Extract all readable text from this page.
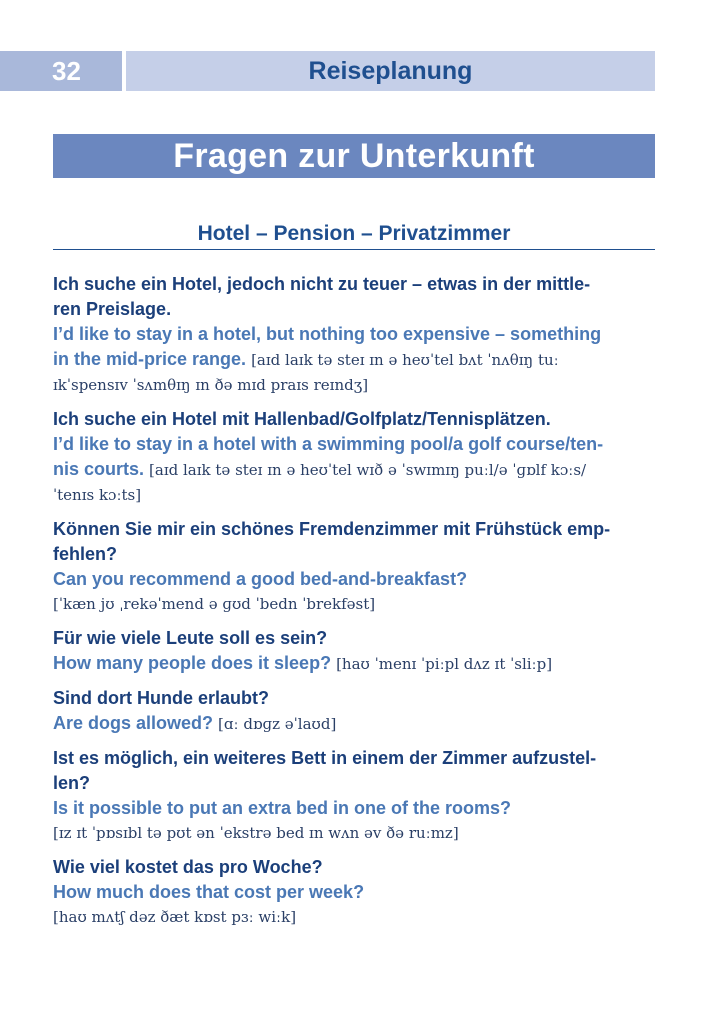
32	Reiseplanung
Fragen zur Unterkunft
Hotel – Pension – Privatzimmer
Ich suche ein Hotel, jedoch nicht zu teuer – etwas in der mittle-
ren Preislage.
I’d like to stay in a hotel, but nothing too expensive – something
in the mid-price range. [aɪd laɪk tə steɪ ɪn ə heʊˈtel bʌt ˈnʌθɪŋ tuː
ɪkˈspensɪv ˈsʌmθɪŋ ɪn ðə mɪd praɪs reɪndʒ]
Ich suche ein Hotel mit Hallenbad/Golfplatz/Tennisplätzen.
I’d like to stay in a hotel with a swimming pool/a golf course/ten-
nis courts. [aɪd laɪk tə steɪ ɪn ə heʊˈtel wɪð ə ˈswɪmɪŋ puːl/ə ˈɡɒlf kɔːs/
ˈtenɪs kɔːts]
Können Sie mir ein schönes Fremdenzimmer mit Frühstück emp-
fehlen?
Can you recommend a good bed-and-breakfast?
[ˈkæn jʊ ˌrekəˈmend ə ɡʊd ˈbedn ˈbrekfəst]
Für wie viele Leute soll es sein?
How many people does it sleep? [haʊ ˈmenɪ ˈpiːpl dʌz ɪt ˈsliːp]
Sind dort Hunde erlaubt?
Are dogs allowed? [ɑː dɒɡz əˈlaʊd]
Ist es möglich, ein weiteres Bett in einem der Zimmer aufzustel-
len?
Is it possible to put an extra bed in one of the rooms?
[ɪz ɪt ˈpɒsɪbl tə pʊt ən ˈekstrə bed ɪn wʌn əv ðə ruːmz]
Wie viel kostet das pro Woche?
How much does that cost per week?
[haʊ mʌtʃ dəz ðæt kɒst pɜː wiːk]
